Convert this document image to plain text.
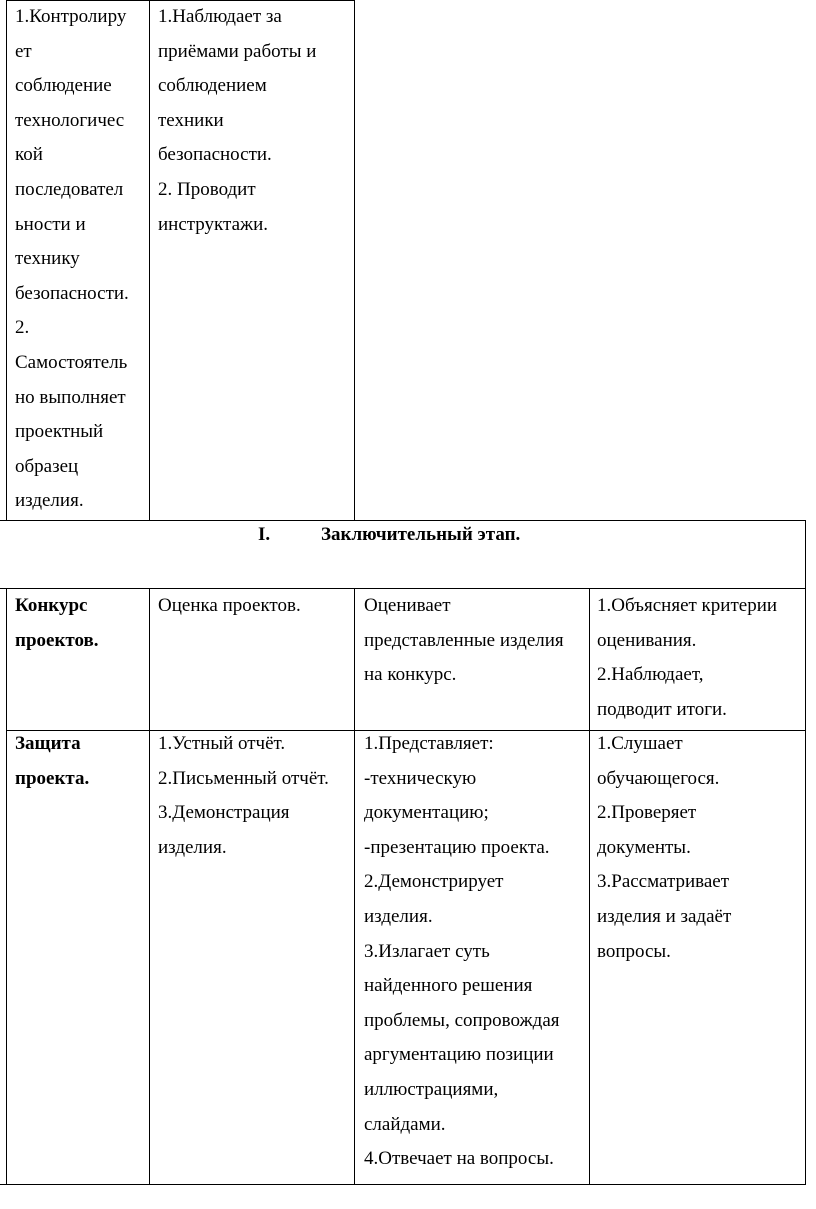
1.Контролиру
ет
соблюдение
технологичес
кой
последовател
ьности и
технику
безопасности.
2.
Самостоятель
но выполняет
проектный
образец
изделия.
1.Наблюдает за
приёмами работы и
соблюдением
техники
безопасности.
2. Проводит
инструктажи.
I.	Заключительный этап.
Конкурс
проектов.
Оценка проектов.	Оценивает
представленные изделия
на конкурс.
1.Объясняет критерии
оценивания.
2.Наблюдает,
подводит итоги.
Защита
проекта.
1.Устный отчёт.
2.Письменный отчёт.
3.Демонстрация
изделия.
1.Представляет:
-техническую
документацию;
-презентацию проекта.
2.Демонстрирует
изделия.
3.Излагает суть
найденного решения
проблемы, сопровождая
аргументацию позиции
иллюстрациями,
слайдами.
4.Отвечает на вопросы.
1.Слушает
обучающегося.
2.Проверяет
документы.
3.Рассматривает
изделия и задаёт
вопросы.
